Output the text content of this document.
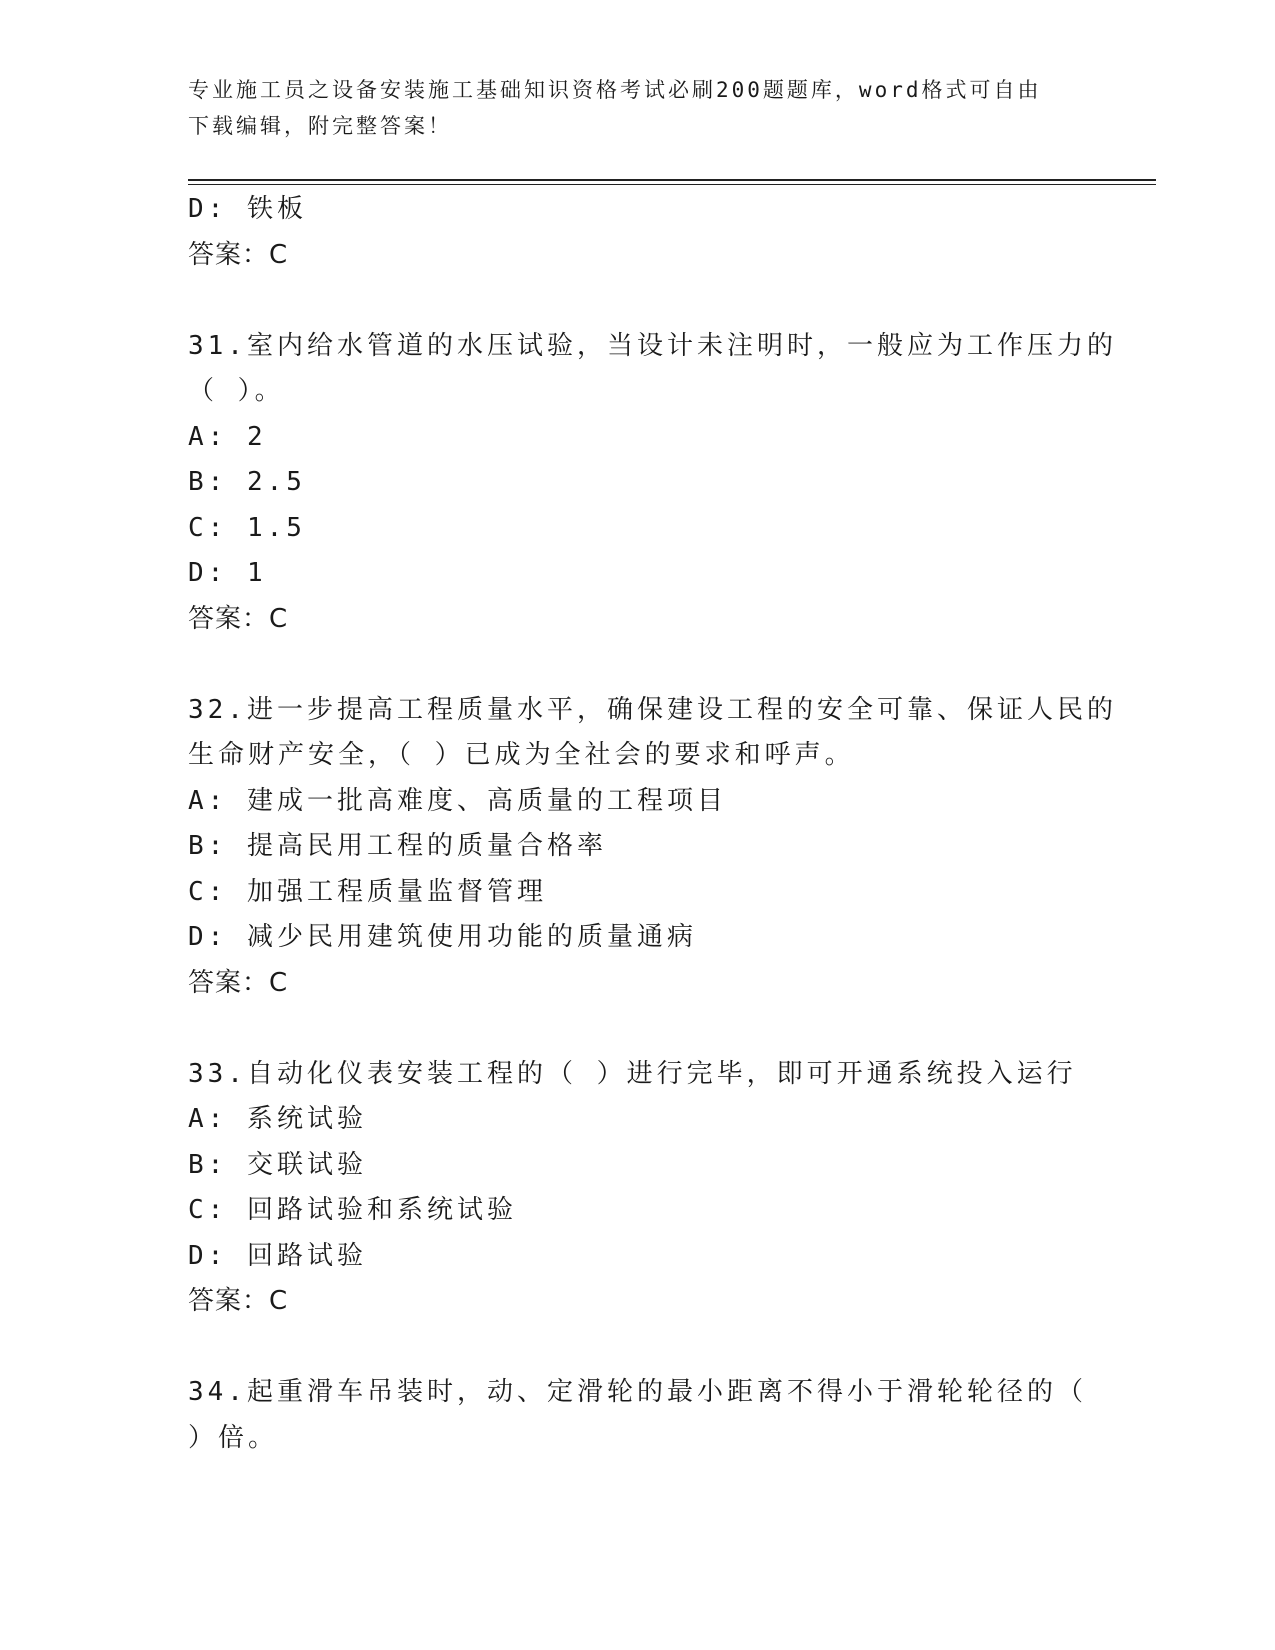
专业施工员之设备安装施工基础知识资格考试必刷200题题库，word格式可自由
下载编辑，附完整答案！
D: 铁板
答案：C
31.室内给水管道的水压试验，当设计未注明时，一般应为工作压力的
（ ）。
A: 2
B: 2.5
C: 1.5
D: 1
答案：C
32.进一步提高工程质量水平，确保建设工程的安全可靠、保证人民的
生命财产安全，（ ）已成为全社会的要求和呼声。
A: 建成一批高难度、高质量的工程项目
B: 提高民用工程的质量合格率
C: 加强工程质量监督管理
D: 减少民用建筑使用功能的质量通病
答案：C
33.自动化仪表安装工程的（ ）进行完毕，即可开通系统投入运行
A: 系统试验
B: 交联试验
C: 回路试验和系统试验
D: 回路试验
答案：C
34.起重滑车吊装时，动、定滑轮的最小距离不得小于滑轮轮径的（
）倍。
